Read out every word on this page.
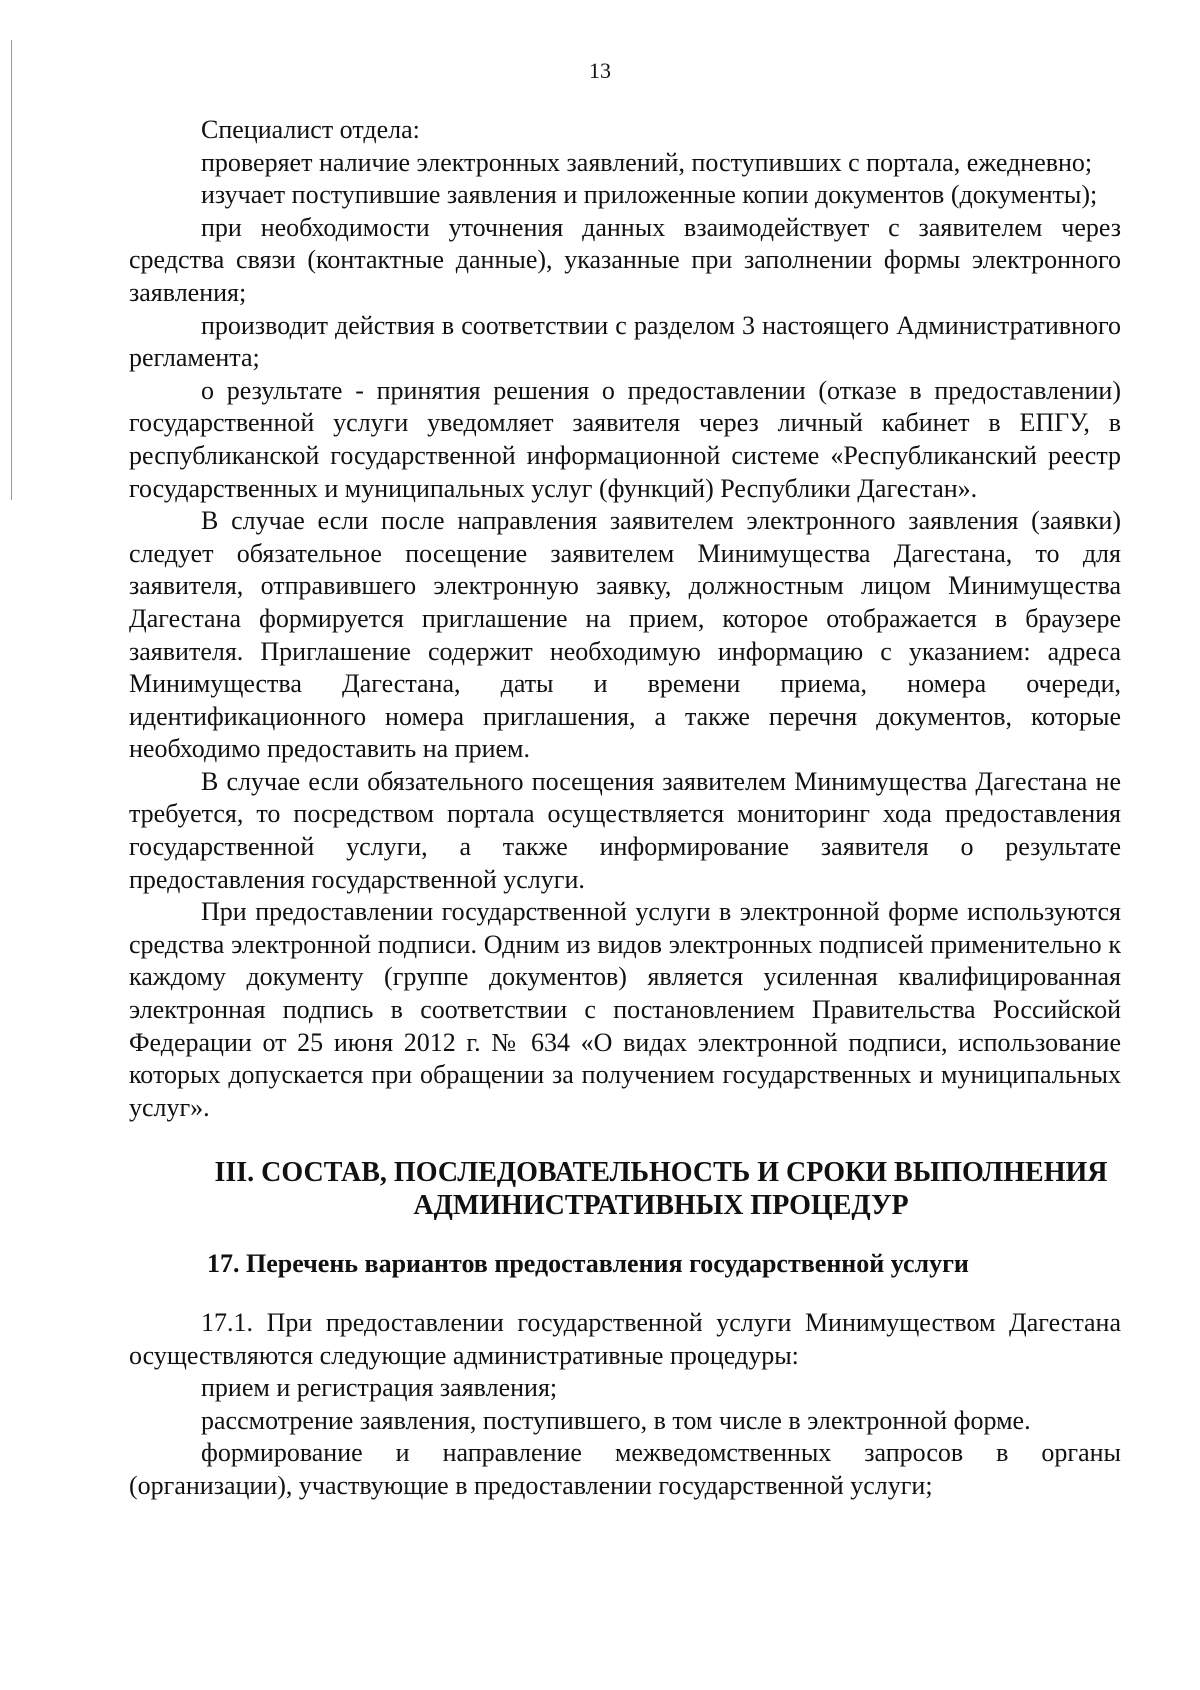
13

Специалист отдела:

проверяет наличие электронных заявлений, поступивших с портала, ежедневно;

изучает поступившие заявления и приложенные копии документов (документы);

при необходимости уточнения данных взаимодействует с заявителем через средства связи (контактные данные), указанные при заполнении формы электронного заявления;

производит действия в соответствии с разделом 3 настоящего Административного регламента;

о результате - принятия решения о предоставлении (отказе в предоставлении) государственной услуги уведомляет заявителя через личный кабинет в ЕПГУ, в республиканской государственной информационной системе «Республиканский реестр государственных и муниципальных услуг (функций) Республики Дагестан».

В случае если после направления заявителем электронного заявления (заявки) следует обязательное посещение заявителем Минимущества Дагестана, то для заявителя, отправившего электронную заявку, должностным лицом Минимущества Дагестана формируется приглашение на прием, которое отображается в браузере заявителя. Приглашение содержит необходимую информацию с указанием: адреса Минимущества Дагестана, даты и времени приема, номера очереди, идентификационного номера приглашения, а также перечня документов, которые необходимо предоставить на прием.

В случае если обязательного посещения заявителем Минимущества Дагестана не требуется, то посредством портала осуществляется мониторинг хода предоставления государственной услуги, а также информирование заявителя о результате предоставления государственной услуги.

При предоставлении государственной услуги в электронной форме используются средства электронной подписи. Одним из видов электронных подписей применительно к каждому документу (группе документов) является усиленная квалифицированная электронная подпись в соответствии с постановлением Правительства Российской Федерации от 25 июня 2012 г. № 634 «О видах электронной подписи, использование которых допускается при обращении за получением государственных и муниципальных услуг».

III. СОСТАВ, ПОСЛЕДОВАТЕЛЬНОСТЬ И СРОКИ ВЫПОЛНЕНИЯ
АДМИНИСТРАТИВНЫХ ПРОЦЕДУР

17. Перечень вариантов предоставления государственной услуги

17.1. При предоставлении государственной услуги Минимуществом Дагестана осуществляются следующие административные процедуры:

прием и регистрация заявления;

рассмотрение заявления, поступившего, в том числе в электронной форме.

формирование и направление межведомственных запросов в органы (организации), участвующие в предоставлении государственной услуги;
